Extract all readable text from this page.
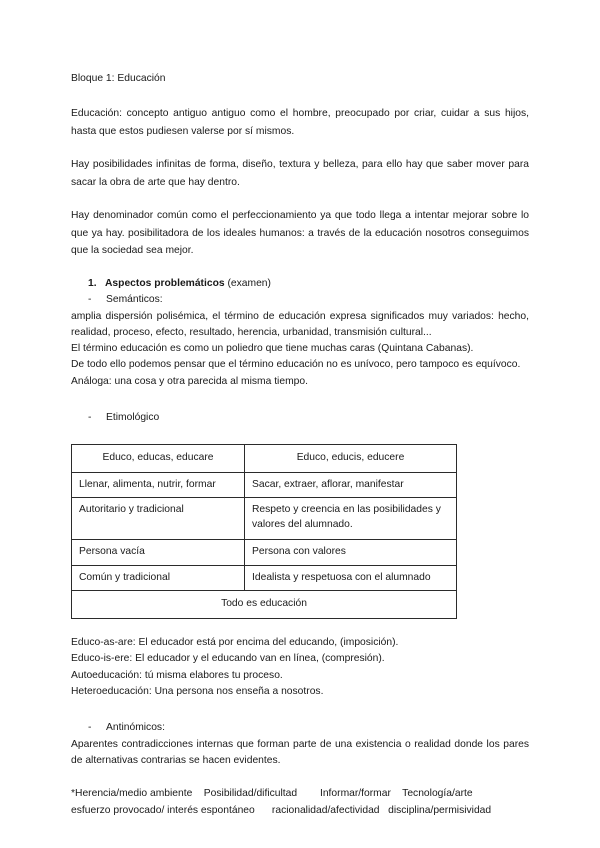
Bloque 1: Educación

Educación: concepto antiguo antiguo como el hombre, preocupado por criar, cuidar a sus hijos, hasta que estos pudiesen valerse por sí mismos.

Hay posibilidades infinitas de forma, diseño, textura y belleza, para ello hay que saber mover para sacar la obra de arte que hay dentro.

Hay denominador común como el perfeccionamiento ya que todo llega a intentar mejorar sobre lo que ya hay. posibilitadora de los ideales humanos: a través de la educación nosotros conseguimos que la sociedad sea mejor.

1. Aspectos problemáticos (examen)
- Semánticos:

amplia dispersión polisémica, el término de educación expresa significados muy variados: hecho, realidad, proceso, efecto, resultado, herencia, urbanidad, transmisión cultural...

El término educación es como un poliedro que tiene muchas caras (Quintana Cabanas).

De todo ello podemos pensar que el término educación no es unívoco, pero tampoco es equívoco.

Análoga: una cosa y otra parecida al misma tiempo.

- Etimológico
Educo, educas, educare	Educo, educis, educere
Llenar, alimenta, nutrir, formar	Sacar, extraer, aflorar, manifestar
Autoritario y tradicional	Respeto y creencia en las posibilidades y valores del alumnado.
Persona vacía	Persona con valores
Común y tradicional	Idealista y respetuosa con el alumnado
Todo es educación	

Educo-as-are: El educador está por encima del educando, (imposición).

Educo-is-ere: El educador y el educando van en línea, (compresión).

Autoeducación: tú misma elabores tu proceso.

Heteroeducación: Una persona nos enseña a nosotros.

- Antinómicos:

Aparentes contradicciones internas que forman parte de una existencia o realidad donde los pares de alternativas contrarias se hacen evidentes.

*Herencia/medio ambiente    Posibilidad/dificultad        Informar/formar    Tecnología/arte
esfuerzo provocado/ interés espontáneo      racionalidad/afectividad   disciplina/permisividad
